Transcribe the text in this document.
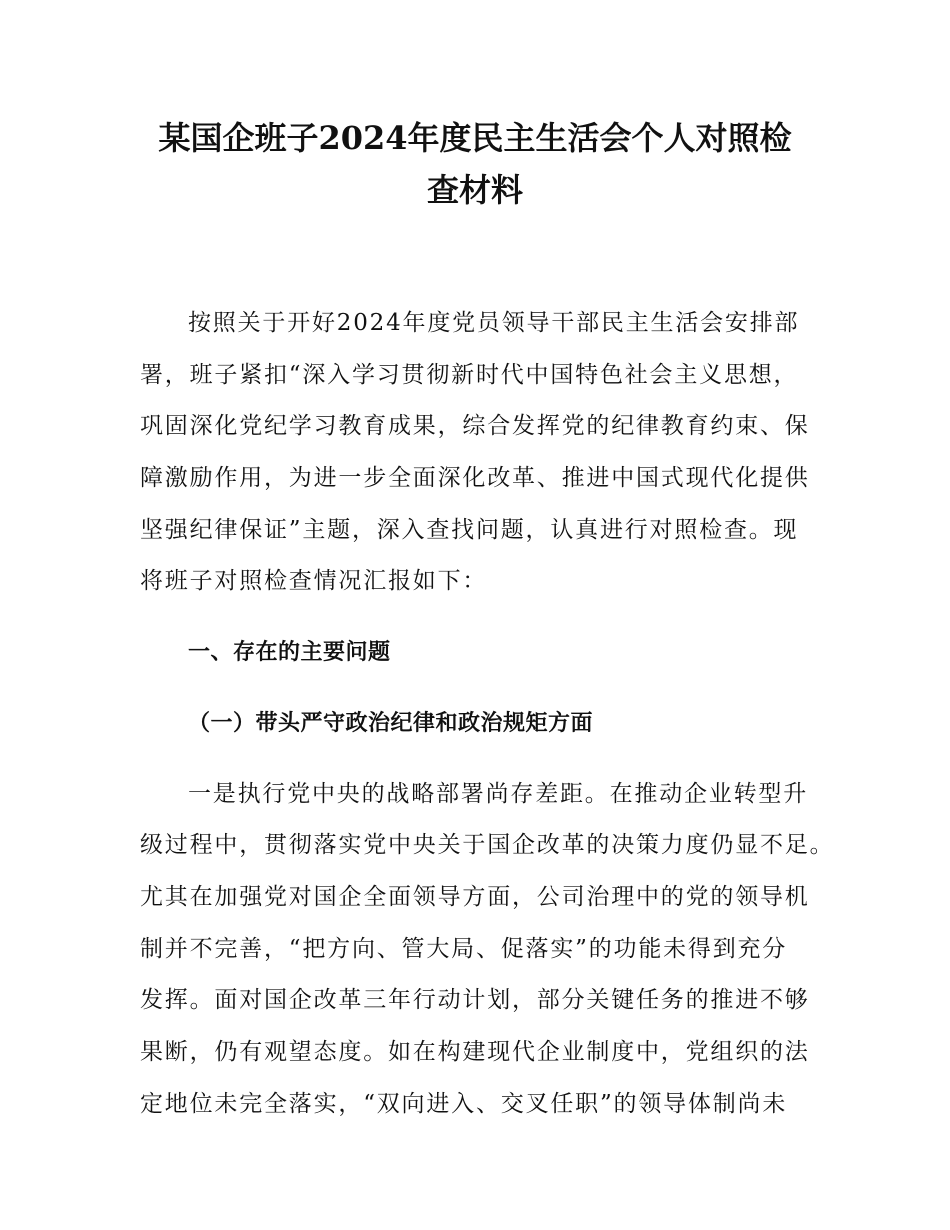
某国企班子2024年度民主生活会个人对照检
查材料
按照关于开好2024年度党员领导干部民主生活会安排部
署，班子紧扣“深入学习贯彻新时代中国特色社会主义思想，
巩固深化党纪学习教育成果，综合发挥党的纪律教育约束、保
障激励作用，为进一步全面深化改革、推进中国式现代化提供
坚强纪律保证”主题，深入查找问题，认真进行对照检查。现
将班子对照检查情况汇报如下：
一、存在的主要问题
（一）带头严守政治纪律和政治规矩方面
一是执行党中央的战略部署尚存差距。在推动企业转型升
级过程中，贯彻落实党中央关于国企改革的决策力度仍显不足。
尤其在加强党对国企全面领导方面，公司治理中的党的领导机
制并不完善，“把方向、管大局、促落实”的功能未得到充分
发挥。面对国企改革三年行动计划，部分关键任务的推进不够
果断，仍有观望态度。如在构建现代企业制度中，党组织的法
定地位未完全落实，“双向进入、交叉任职”的领导体制尚未
